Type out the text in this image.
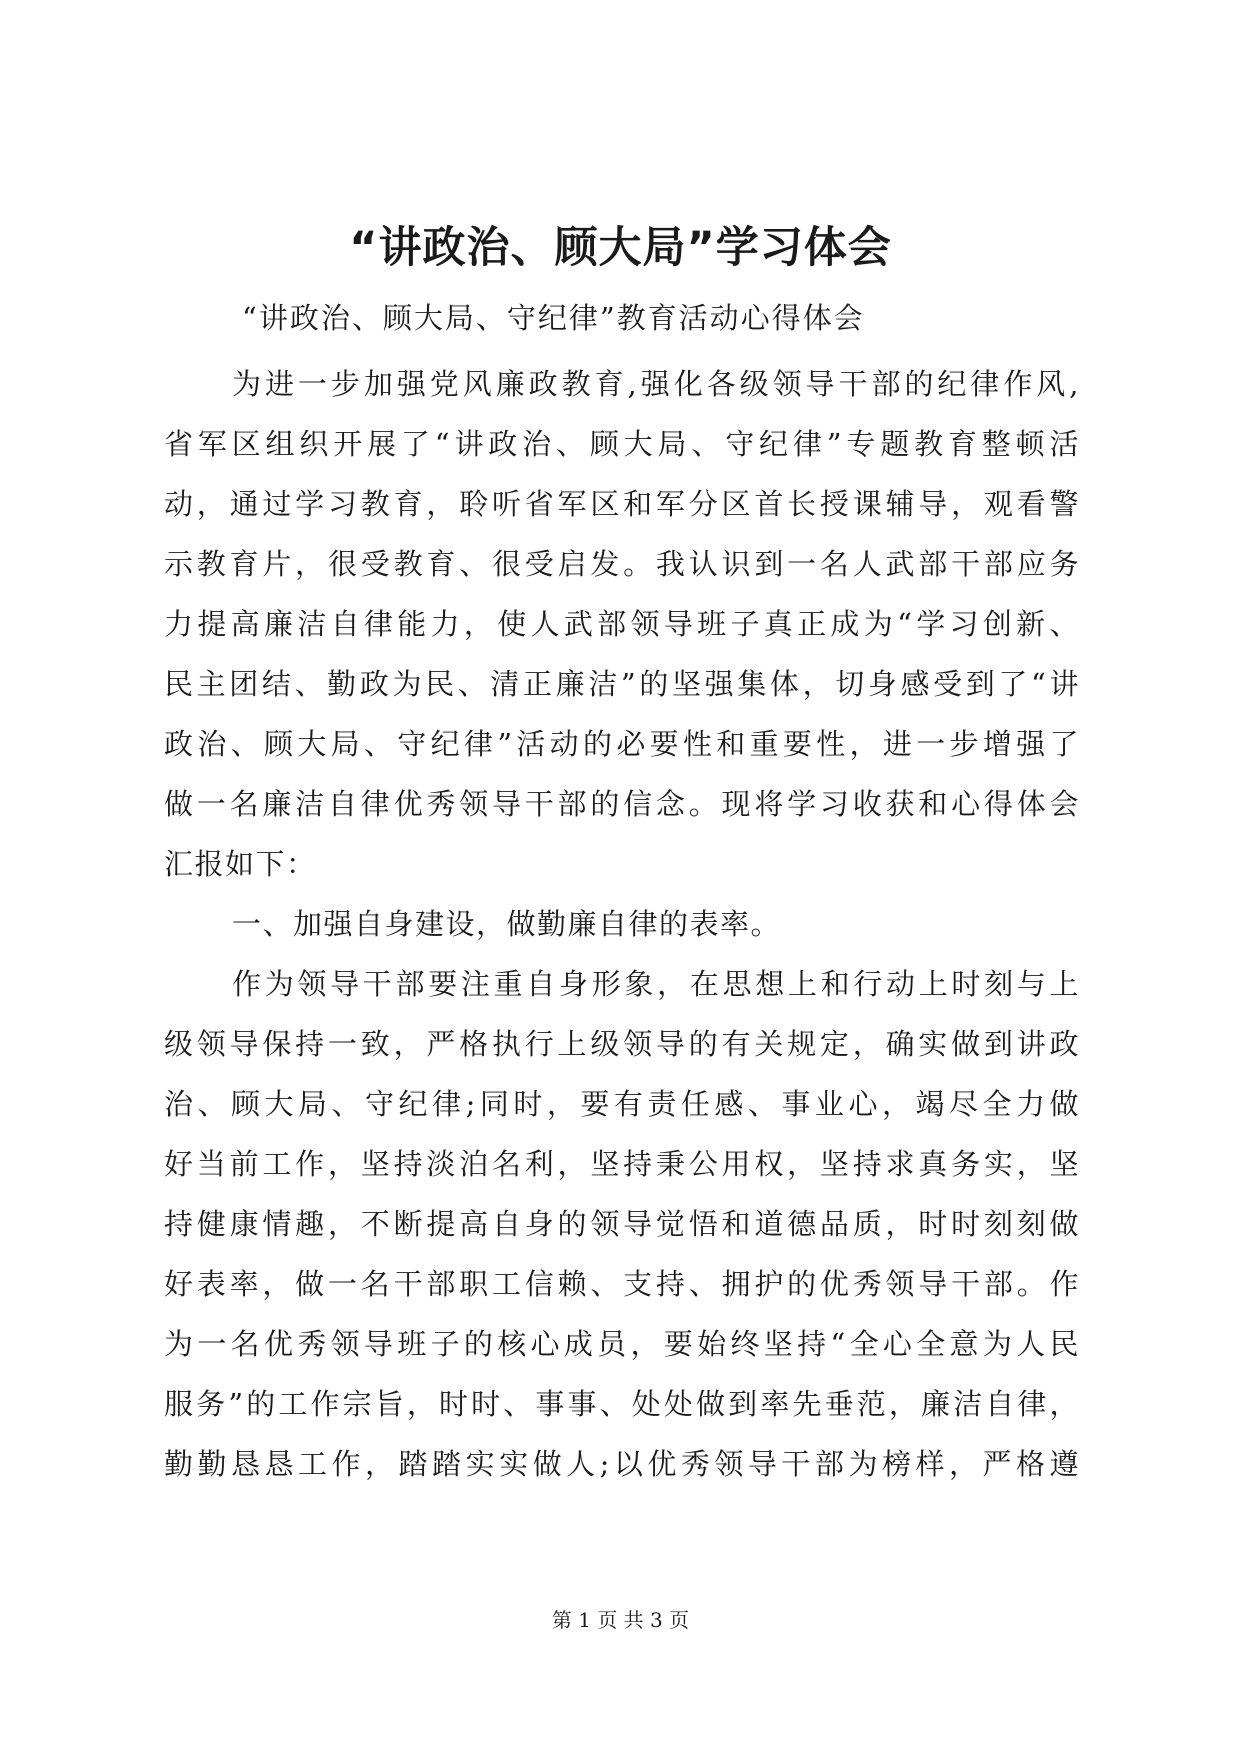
“讲政治、顾大局”学习体会

“讲政治、顾大局、守纪律”教育活动心得体会

为进一步加强党风廉政教育,强化各级领导干部的纪律作风,
省军区组织开展了“讲政治、顾大局、守纪律”专题教育整顿活
动，通过学习教育，聆听省军区和军分区首长授课辅导，观看警
示教育片，很受教育、很受启发。我认识到一名人武部干部应务
力提高廉洁自律能力，使人武部领导班子真正成为“学习创新、
民主团结、勤政为民、清正廉洁”的坚强集体，切身感受到了“讲
政治、顾大局、守纪律”活动的必要性和重要性，进一步增强了
做一名廉洁自律优秀领导干部的信念。现将学习收获和心得体会
汇报如下：
一、加强自身建设，做勤廉自律的表率。
作为领导干部要注重自身形象，在思想上和行动上时刻与上
级领导保持一致，严格执行上级领导的有关规定，确实做到讲政
治、顾大局、守纪律;同时，要有责任感、事业心，竭尽全力做
好当前工作，坚持淡泊名利，坚持秉公用权，坚持求真务实，坚
持健康情趣，不断提高自身的领导觉悟和道德品质，时时刻刻做
好表率，做一名干部职工信赖、支持、拥护的优秀领导干部。作
为一名优秀领导班子的核心成员，要始终坚持“全心全意为人民
服务”的工作宗旨，时时、事事、处处做到率先垂范，廉洁自律，
勤勤恳恳工作，踏踏实实做人;以优秀领导干部为榜样，严格遵
第 1 页 共 3 页
